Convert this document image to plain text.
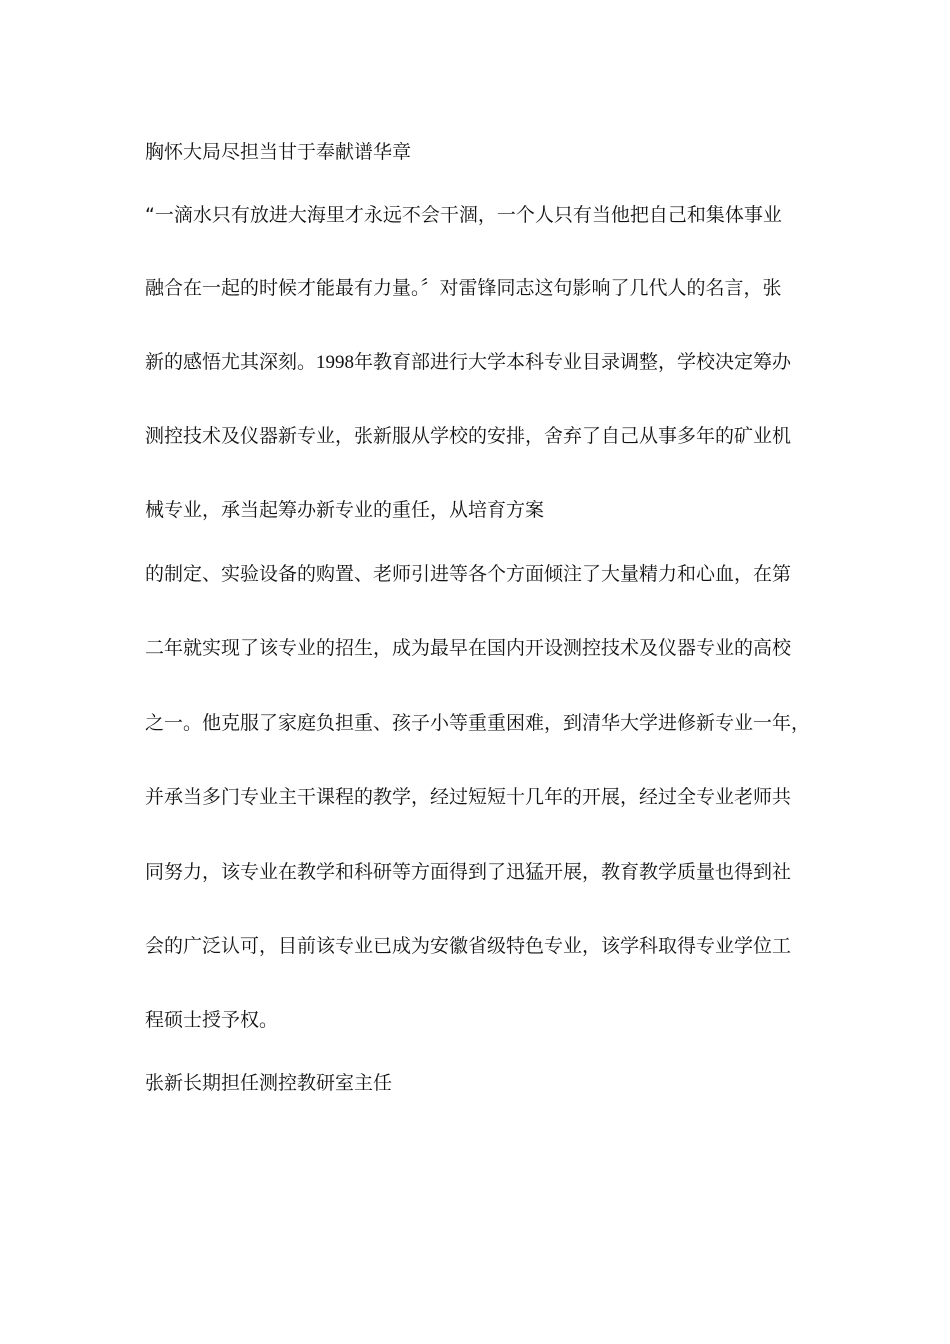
胸怀大局尽担当甘于奉献谱华章
“一滴水只有放进大海里才永远不会干涸，一个人只有当他把自己和集体事业
融合在一起的时候才能最有力量。〞对雷锋同志这句影响了几代人的名言，张
新的感悟尤其深刻。1998年教育部进行大学本科专业目录调整，学校决定筹办
测控技术及仪器新专业，张新服从学校的安排，舍弃了自己从事多年的矿业机
械专业，承当起筹办新专业的重任，从培育方案
的制定、实验设备的购置、老师引进等各个方面倾注了大量精力和心血，在第
二年就实现了该专业的招生，成为最早在国内开设测控技术及仪器专业的高校
之一。他克服了家庭负担重、孩子小等重重困难，到清华大学进修新专业一年，
并承当多门专业主干课程的教学，经过短短十几年的开展，经过全专业老师共
同努力，该专业在教学和科研等方面得到了迅猛开展，教育教学质量也得到社
会的广泛认可，目前该专业已成为安徽省级特色专业，该学科取得专业学位工
程硕士授予权。
张新长期担任测控教研室主任
